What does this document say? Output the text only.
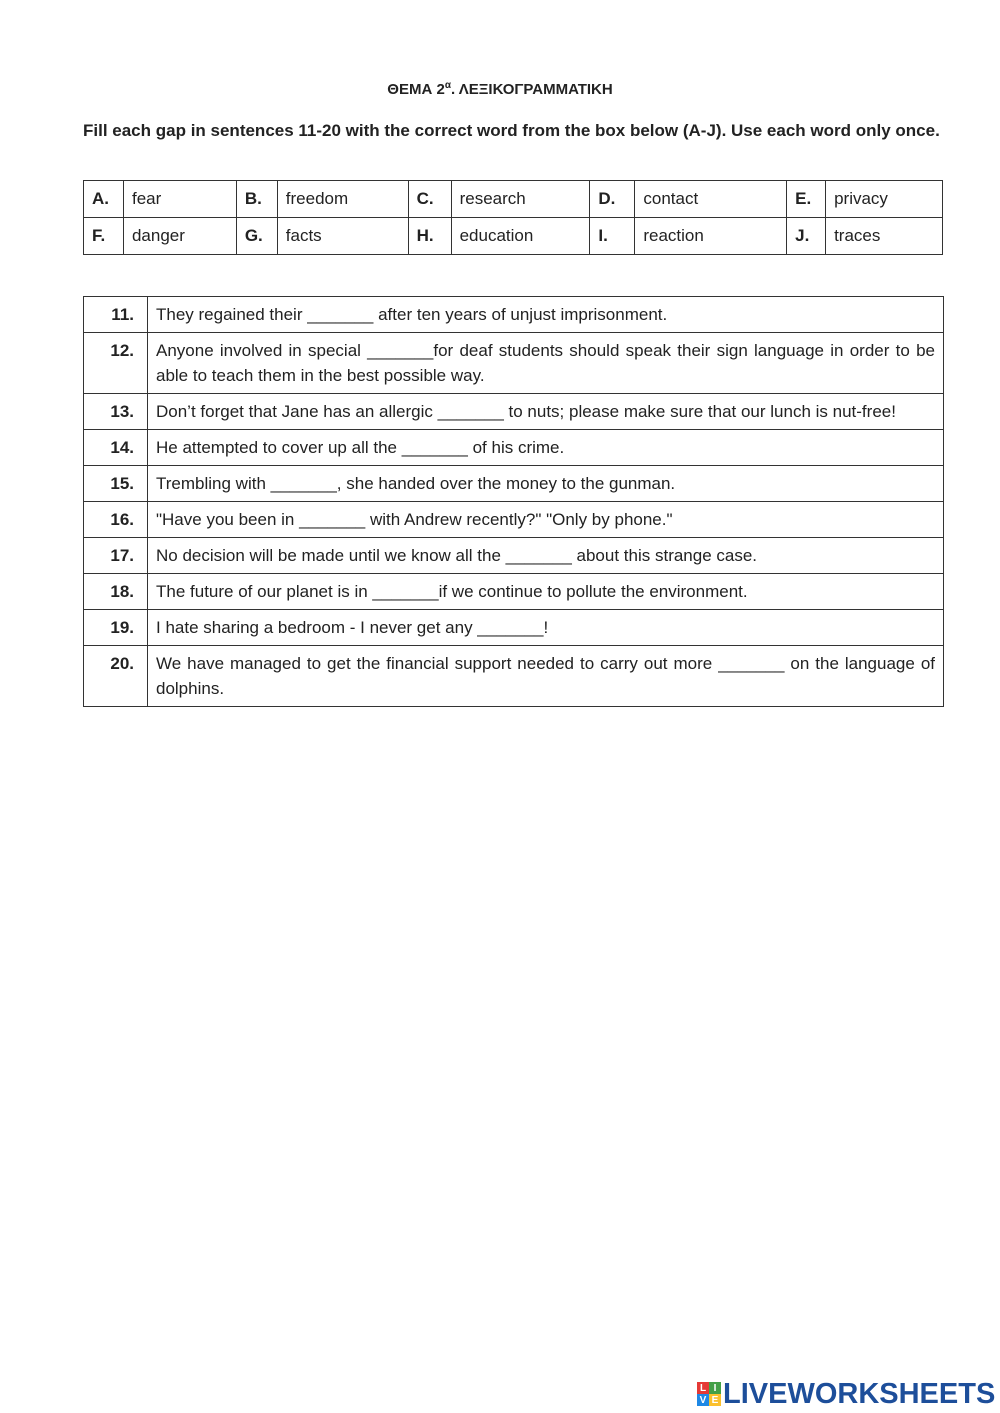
ΘΕΜΑ $2^\alpha$. ΛΕΞΙΚΟΓΡΑΜΜΑΤΙΚΗ
Fill each gap in sentences 11-20 with the correct word from the box below (A-J). Use each word only once.
A.	fear	B.	freedom	C.	research	D.	contact	E.	privacy
F.	danger	G.	facts	H.	education	I.	reaction	J.	traces
11.	They regained their _______ after ten years of unjust imprisonment.
12.	Anyone involved in special _______for deaf students should speak their sign language in order to be able to teach them in the best possible way.
13.	Don’t forget that Jane has an allergic _______ to nuts; please make sure that our lunch is nut-free!
14.	He attempted to cover up all the _______ of his crime.
15.	Trembling with _______, she handed over the money to the gunman.
16.	"Have you been in _______ with Andrew recently?" "Only by phone."
17.	No decision will be made until we know all the _______ about this strange case.
18.	The future of our planet is in _______if we continue to pollute the environment.
19.	I hate sharing a bedroom - I never get any _______!
20.	We have managed to get the financial support needed to carry out more _______ on the language of dolphins.
L I
V E LIVEWORKSHEETS
